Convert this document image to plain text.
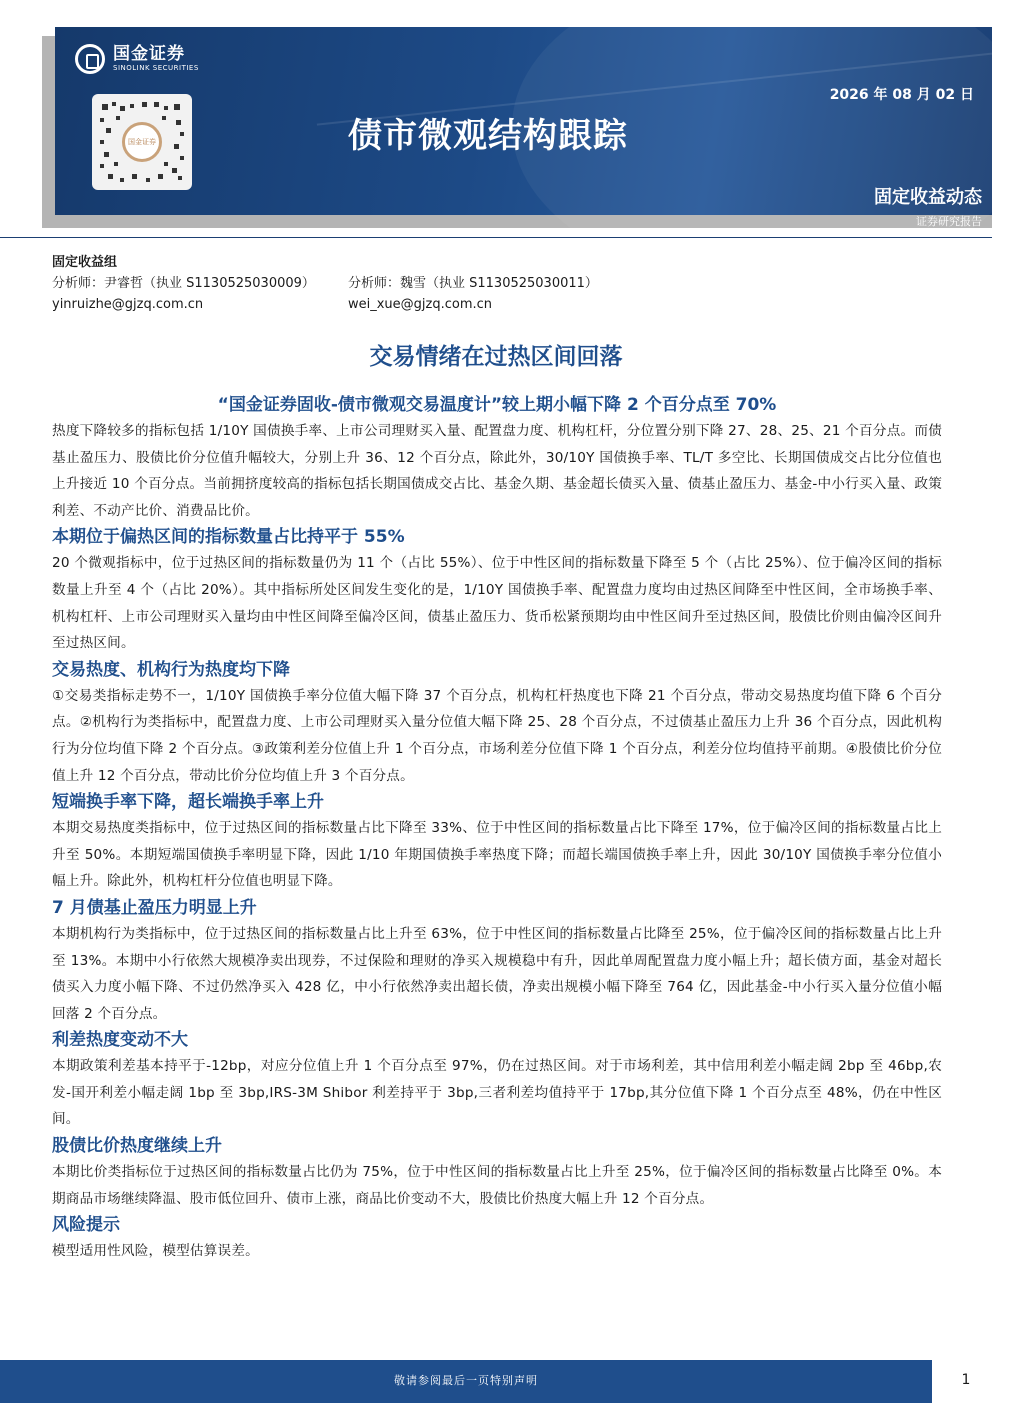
2026 年 08 月 02 日
固定收益动态
证券研究报告
国金证券
SINOLINK SECURITIES
国金证券	债市微观结构跟踪
固定收益组
分析师：尹睿哲（执业 S1130525030009）	分析师：魏雪（执业 S1130525030011）
yinruizhe@gjzq.com.cn	wei_xue@gjzq.com.cn
交易情绪在过热区间回落
“国金证券固收-债市微观交易温度计”较上期小幅下降 2 个百分点至 70%

热度下降较多的指标包括 1/10Y 国债换手率、上市公司理财买入量、配置盘力度、机构杠杆，分位置分别下降 27、28、25、21 个百分点。而债基止盈压力、股债比价分位值升幅较大，分别上升 36、12 个百分点，除此外，30/10Y 国债换手率、TL/T 多空比、长期国债成交占比分位值也上升接近 10 个百分点。当前拥挤度较高的指标包括长期国债成交占比、基金久期、基金超长债买入量、债基止盈压力、基金-中小行买入量、政策利差、不动产比价、消费品比价。

本期位于偏热区间的指标数量占比持平于 55%

20 个微观指标中，位于过热区间的指标数量仍为 11 个（占比 55%）、位于中性区间的指标数量下降至 5 个（占比 25%）、位于偏冷区间的指标数量上升至 4 个（占比 20%）。其中指标所处区间发生变化的是，1/10Y 国债换手率、配置盘力度均由过热区间降至中性区间，全市场换手率、机构杠杆、上市公司理财买入量均由中性区间降至偏冷区间，债基止盈压力、货币松紧预期均由中性区间升至过热区间，股债比价则由偏冷区间升至过热区间。

交易热度、机构行为热度均下降

①交易类指标走势不一，1/10Y 国债换手率分位值大幅下降 37 个百分点，机构杠杆热度也下降 21 个百分点，带动交易热度均值下降 6 个百分点。②机构行为类指标中，配置盘力度、上市公司理财买入量分位值大幅下降 25、28 个百分点，不过债基止盈压力上升 36 个百分点，因此机构行为分位均值下降 2 个百分点。③政策利差分位值上升 1 个百分点，市场利差分位值下降 1 个百分点，利差分位均值持平前期。④股债比价分位值上升 12 个百分点，带动比价分位均值上升 3 个百分点。

短端换手率下降，超长端换手率上升

本期交易热度类指标中，位于过热区间的指标数量占比下降至 33%、位于中性区间的指标数量占比下降至 17%，位于偏冷区间的指标数量占比上升至 50%。本期短端国债换手率明显下降，因此 1/10 年期国债换手率热度下降；而超长端国债换手率上升，因此 30/10Y 国债换手率分位值小幅上升。除此外，机构杠杆分位值也明显下降。

7 月债基止盈压力明显上升

本期机构行为类指标中，位于过热区间的指标数量占比上升至 63%，位于中性区间的指标数量占比降至 25%，位于偏冷区间的指标数量占比上升至 13%。本期中小行依然大规模净卖出现券，不过保险和理财的净买入规模稳中有升，因此单周配置盘力度小幅上升；超长债方面，基金对超长债买入力度小幅下降、不过仍然净买入 428 亿，中小行依然净卖出超长债，净卖出规模小幅下降至 764 亿，因此基金-中小行买入量分位值小幅回落 2 个百分点。

利差热度变动不大

本期政策利差基本持平于-12bp，对应分位值上升 1 个百分点至 97%，仍在过热区间。对于市场利差，其中信用利差小幅走阔 2bp 至 46bp,农发-国开利差小幅走阔 1bp 至 3bp,IRS-3M Shibor 利差持平于 3bp,三者利差均值持平于 17bp,其分位值下降 1 个百分点至 48%，仍在中性区间。

股债比价热度继续上升

本期比价类指标位于过热区间的指标数量占比仍为 75%，位于中性区间的指标数量占比上升至 25%，位于偏冷区间的指标数量占比降至 0%。本期商品市场继续降温、股市低位回升、债市上涨，商品比价变动不大，股债比价热度大幅上升 12 个百分点。

风险提示

模型适用性风险，模型估算误差。

敬请参阅最后一页特别声明	1
